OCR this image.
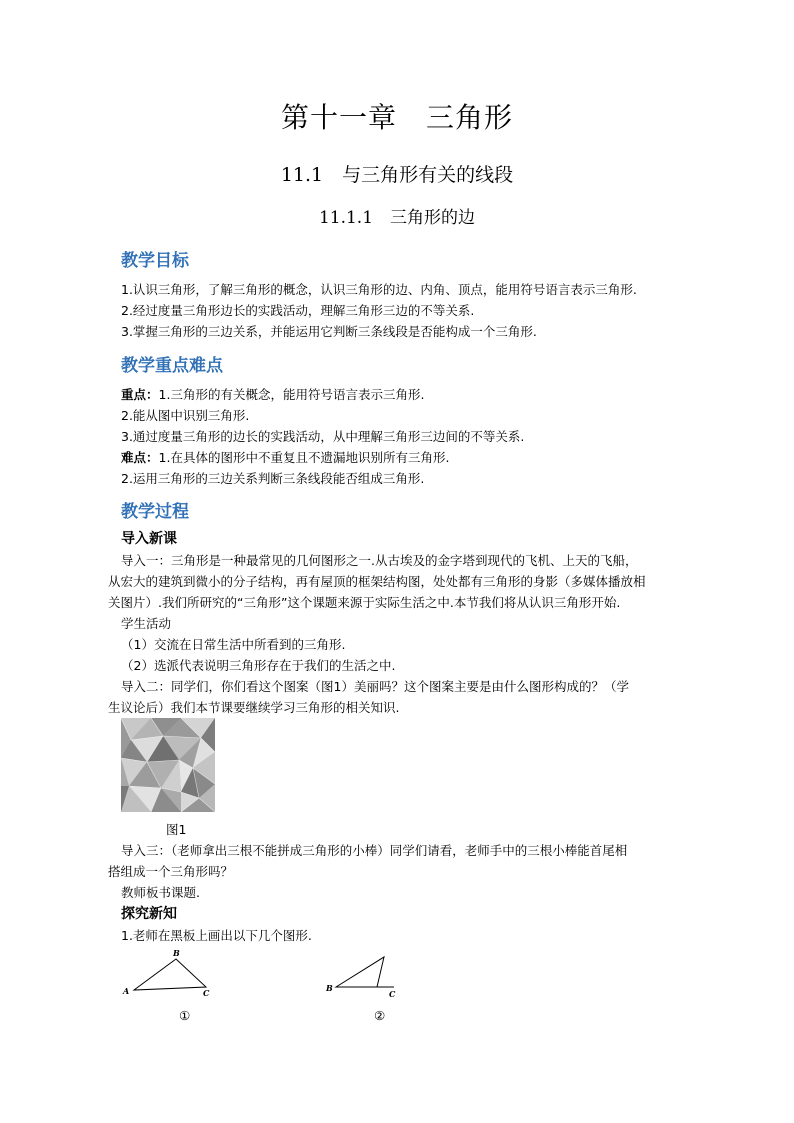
第十一章　三角形
11.1　与三角形有关的线段
11.1.1　三角形的边
教学目标
1.认识三角形，了解三角形的概念，认识三角形的边、内角、顶点，能用符号语言表示三角形.
2.经过度量三角形边长的实践活动，理解三角形三边的不等关系.
3.掌握三角形的三边关系，并能运用它判断三条线段是否能构成一个三角形.
教学重点难点
重点：1.三角形的有关概念，能用符号语言表示三角形.
2.能从图中识别三角形.
3.通过度量三角形的边长的实践活动，从中理解三角形三边间的不等关系.
难点：1.在具体的图形中不重复且不遗漏地识别所有三角形.
2.运用三角形的三边关系判断三条线段能否组成三角形.
教学过程
导入新课
导入一：三角形是一种最常见的几何图形之一.从古埃及的金字塔到现代的飞机、上天的飞船，
从宏大的建筑到微小的分子结构，再有屋顶的框架结构图，处处都有三角形的身影（多媒体播放相
关图片）.我们所研究的“三角形”这个课题来源于实际生活之中.本节我们将从认识三角形开始.
学生活动
（1）交流在日常生活中所看到的三角形.
（2）选派代表说明三角形存在于我们的生活之中.
导入二：同学们，你们看这个图案（图1）美丽吗？这个图案主要是由什么图形构成的？（学
生议论后）我们本节课要继续学习三角形的相关知识.
图1
导入三：（老师拿出三根不能拼成三角形的小棒）同学们请看，老师手中的三根小棒能首尾相
搭组成一个三角形吗？
教师板书课题.
探究新知
1.老师在黑板上画出以下几个图形.
A
B
C
①
B
C
②
